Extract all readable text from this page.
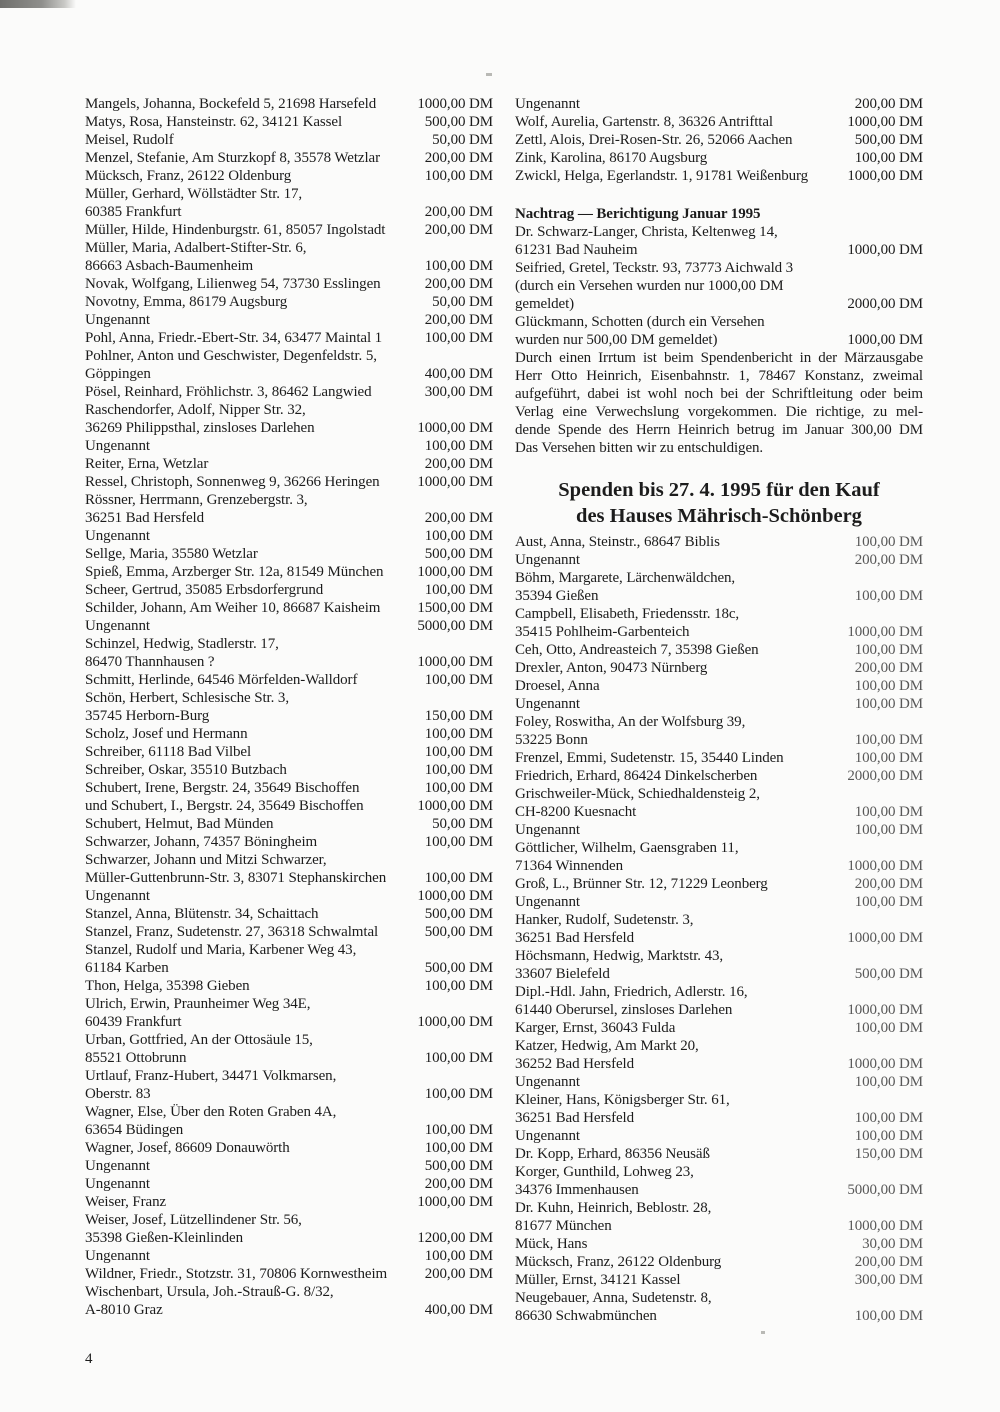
Mangels, Johanna, Bockefeld 5, 21698 Harsefeld	1000,00 DM
Matys, Rosa, Hansteinstr. 62, 34121 Kassel	500,00 DM
Meisel, Rudolf	50,00 DM
Menzel, Stefanie, Am Sturzkopf 8, 35578 Wetzlar	200,00 DM
Mücksch, Franz, 26122 Oldenburg	100,00 DM
Müller, Gerhard, Wöllstädter Str. 17,
60385 Frankfurt	200,00 DM
Müller, Hilde, Hindenburgstr. 61, 85057 Ingolstadt	200,00 DM
Müller, Maria, Adalbert-Stifter-Str. 6,
86663 Asbach-Baumenheim	100,00 DM
Novak, Wolfgang, Lilienweg 54, 73730 Esslingen	200,00 DM
Novotny, Emma, 86179 Augsburg	50,00 DM
Ungenannt	200,00 DM
Pohl, Anna, Friedr.-Ebert-Str. 34, 63477 Maintal 1	100,00 DM
Pohlner, Anton und Geschwister, Degenfeldstr. 5,
Göppingen	400,00 DM
Pösel, Reinhard, Fröhlichstr. 3, 86462 Langwied	300,00 DM
Raschendorfer, Adolf, Nipper Str. 32,
36269 Philippsthal, zinsloses Darlehen	1000,00 DM
Ungenannt	100,00 DM
Reiter, Erna, Wetzlar	200,00 DM
Ressel, Christoph, Sonnenweg 9, 36266 Heringen	1000,00 DM
Rössner, Herrmann, Grenzebergstr. 3,
36251 Bad Hersfeld	200,00 DM
Ungenannt	100,00 DM
Sellge, Maria, 35580 Wetzlar	500,00 DM
Spieß, Emma, Arzberger Str. 12a, 81549 München	1000,00 DM
Scheer, Gertrud, 35085 Erbsdorfergrund	100,00 DM
Schilder, Johann, Am Weiher 10, 86687 Kaisheim	1500,00 DM
Ungenannt	5000,00 DM
Schinzel, Hedwig, Stadlerstr. 17,
86470 Thannhausen ?	1000,00 DM
Schmitt, Herlinde, 64546 Mörfelden-Walldorf	100,00 DM
Schön, Herbert, Schlesische Str. 3,
35745 Herborn-Burg	150,00 DM
Scholz, Josef und Hermann	100,00 DM
Schreiber, 61118 Bad Vilbel	100,00 DM
Schreiber, Oskar, 35510 Butzbach	100,00 DM
Schubert, Irene, Bergstr. 24, 35649 Bischoffen	100,00 DM
und Schubert, I., Bergstr. 24, 35649 Bischoffen	1000,00 DM
Schubert, Helmut, Bad Münden	50,00 DM
Schwarzer, Johann, 74357 Böningheim	100,00 DM
Schwarzer, Johann und Mitzi Schwarzer,
Müller-Guttenbrunn-Str. 3, 83071 Stephanskirchen	100,00 DM
Ungenannt	1000,00 DM
Stanzel, Anna, Blütenstr. 34, Schaittach	500,00 DM
Stanzel, Franz, Sudetenstr. 27, 36318 Schwalmtal	500,00 DM
Stanzel, Rudolf und Maria, Karbener Weg 43,
61184 Karben	500,00 DM
Thon, Helga, 35398 Gieben	100,00 DM
Ulrich, Erwin, Praunheimer Weg 34E,
60439 Frankfurt	1000,00 DM
Urban, Gottfried, An der Ottosäule 15,
85521 Ottobrunn	100,00 DM
Urtlauf, Franz-Hubert, 34471 Volkmarsen,
Oberstr. 83	100,00 DM
Wagner, Else, Über den Roten Graben 4A,
63654 Büdingen	100,00 DM
Wagner, Josef, 86609 Donauwörth	100,00 DM
Ungenannt	500,00 DM
Ungenannt	200,00 DM
Weiser, Franz	1000,00 DM
Weiser, Josef, Lützellindener Str. 56,
35398 Gießen-Kleinlinden	1200,00 DM
Ungenannt	100,00 DM
Wildner, Friedr., Stotzstr. 31, 70806 Kornwestheim	200,00 DM
Wischenbart, Ursula, Joh.-Strauß-G. 8/32,
A-8010 Graz	400,00 DM
Ungenannt	200,00 DM
Wolf, Aurelia, Gartenstr. 8, 36326 Antrifttal	1000,00 DM
Zettl, Alois, Drei-Rosen-Str. 26, 52066 Aachen	500,00 DM
Zink, Karolina, 86170 Augsburg	100,00 DM
Zwickl, Helga, Egerlandstr. 1, 91781 Weißenburg	1000,00 DM
Nachtrag — Berichtigung Januar 1995
Dr. Schwarz-Langer, Christa, Keltenweg 14,
61231 Bad Nauheim	1000,00 DM
Seifried, Gretel, Teckstr. 93, 73773 Aichwald 3
(durch ein Versehen wurden nur 1000,00 DM
gemeldet)	2000,00 DM
Glückmann, Schotten (durch ein Versehen
wurden nur 500,00 DM gemeldet)	1000,00 DM
Durch einen Irrtum ist beim Spendenbericht in der Märzausgabe
Herr Otto Heinrich, Eisenbahnstr. 1, 78467 Konstanz, zweimal
aufgeführt, dabei ist wohl noch bei der Schriftleitung oder beim
Verlag eine Verwechslung vorgekommen. Die richtige, zu mel-
dende Spende des Herrn Heinrich betrug im Januar 300,00 DM
Das Versehen bitten wir zu entschuldigen.
Spenden bis 27. 4. 1995 für den Kauf
des Hauses Mährisch-Schönberg
Aust, Anna, Steinstr., 68647 Biblis	100,00 DM
Ungenannt	200,00 DM
Böhm, Margarete, Lärchenwäldchen,
35394 Gießen	100,00 DM
Campbell, Elisabeth, Friedensstr. 18c,
35415 Pohlheim-Garbenteich	1000,00 DM
Ceh, Otto, Andreasteich 7, 35398 Gießen	100,00 DM
Drexler, Anton, 90473 Nürnberg	200,00 DM
Droesel, Anna	100,00 DM
Ungenannt	100,00 DM
Foley, Roswitha, An der Wolfsburg 39,
53225 Bonn	100,00 DM
Frenzel, Emmi, Sudetenstr. 15, 35440 Linden	100,00 DM
Friedrich, Erhard, 86424 Dinkelscherben	2000,00 DM
Grischweiler-Mück, Schiedhaldensteig 2,
CH-8200 Kuesnacht	100,00 DM
Ungenannt	100,00 DM
Göttlicher, Wilhelm, Gaensgraben 11,
71364 Winnenden	1000,00 DM
Groß, L., Brünner Str. 12, 71229 Leonberg	200,00 DM
Ungenannt	100,00 DM
Hanker, Rudolf, Sudetenstr. 3,
36251 Bad Hersfeld	1000,00 DM
Höchsmann, Hedwig, Marktstr. 43,
33607 Bielefeld	500,00 DM
Dipl.-Hdl. Jahn, Friedrich, Adlerstr. 16,
61440 Oberursel, zinsloses Darlehen	1000,00 DM
Karger, Ernst, 36043 Fulda	100,00 DM
Katzer, Hedwig, Am Markt 20,
36252 Bad Hersfeld	1000,00 DM
Ungenannt	100,00 DM
Kleiner, Hans, Königsberger Str. 61,
36251 Bad Hersfeld	100,00 DM
Ungenannt	100,00 DM
Dr. Kopp, Erhard, 86356 Neusäß	150,00 DM
Korger, Gunthild, Lohweg 23,
34376 Immenhausen	5000,00 DM
Dr. Kuhn, Heinrich, Beblostr. 28,
81677 München	1000,00 DM
Mück, Hans	30,00 DM
Mücksch, Franz, 26122 Oldenburg	200,00 DM
Müller, Ernst, 34121 Kassel	300,00 DM
Neugebauer, Anna, Sudetenstr. 8,
86630 Schwabmünchen	100,00 DM
4
